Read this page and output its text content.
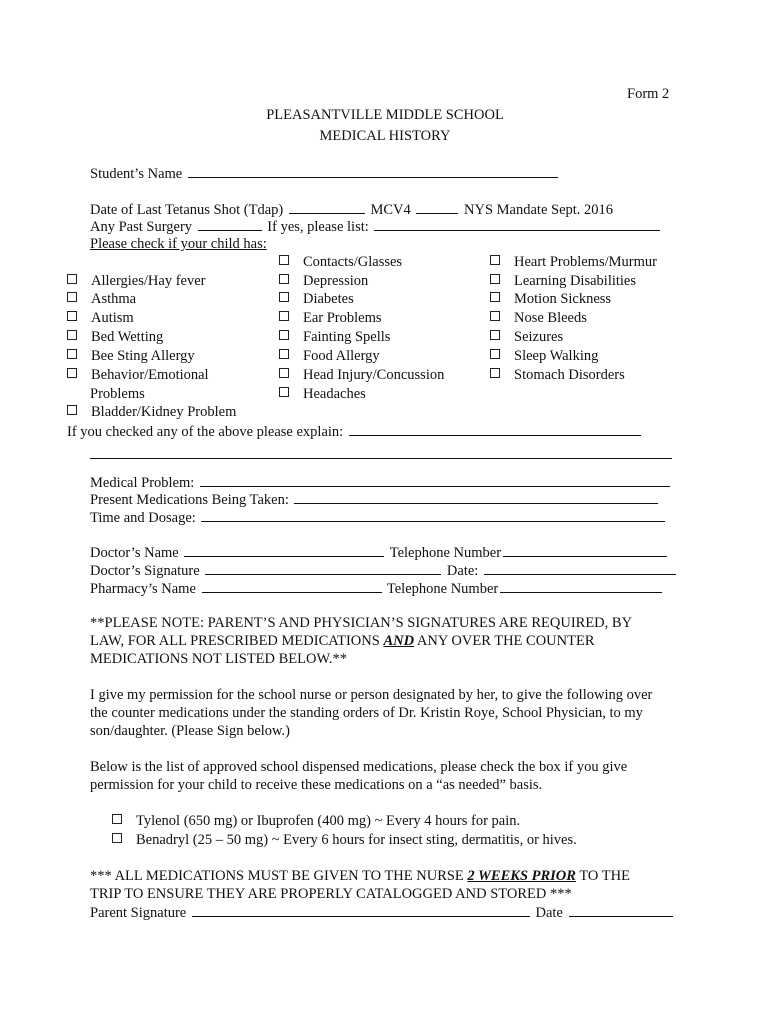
Form 2
PLEASANTVILLE MIDDLE SCHOOL
MEDICAL HISTORY
Student’s Name
Date of Last Tetanus Shot (Tdap)	MCV4	NYS Mandate Sept. 2016
Any Past Surgery	If yes, please list:
Please check if your child has:
Allergies/Hay fever
Asthma
Autism
Bed Wetting
Bee Sting Allergy
Behavior/Emotional
Problems
Bladder/Kidney Problem
Contacts/Glasses
Depression
Diabetes
Ear Problems
Fainting Spells
Food Allergy
Head Injury/Concussion
Headaches
Heart Problems/Murmur
Learning Disabilities
Motion Sickness
Nose Bleeds
Seizures
Sleep Walking
Stomach Disorders
If you checked any of the above please explain:
Medical Problem:
Present Medications Being Taken:
Time and Dosage:
Doctor’s Name	Telephone Number
Doctor’s Signature	Date:
Pharmacy’s Name	Telephone Number
**PLEASE NOTE: PARENT’S AND PHYSICIAN’S SIGNATURES ARE REQUIRED, BY
LAW, FOR ALL PRESCRIBED MEDICATIONS AND ANY OVER THE COUNTER
MEDICATIONS NOT LISTED BELOW.**
I give my permission for the school nurse or person designated by her, to give the following over
the counter medications under the standing orders of Dr. Kristin Roye, School Physician, to my
son/daughter. (Please Sign below.)
Below is the list of approved school dispensed medications, please check the box if you give
permission for your child to receive these medications on a “as needed” basis.
Tylenol (650 mg) or Ibuprofen (400 mg) ~ Every 4 hours for pain.
Benadryl (25 – 50 mg) ~ Every 6 hours for insect sting, dermatitis, or hives.
*** ALL MEDICATIONS MUST BE GIVEN TO THE NURSE 2 WEEKS PRIOR TO THE
TRIP TO ENSURE THEY ARE PROPERLY CATALOGGED AND STORED ***
Parent Signature	Date
